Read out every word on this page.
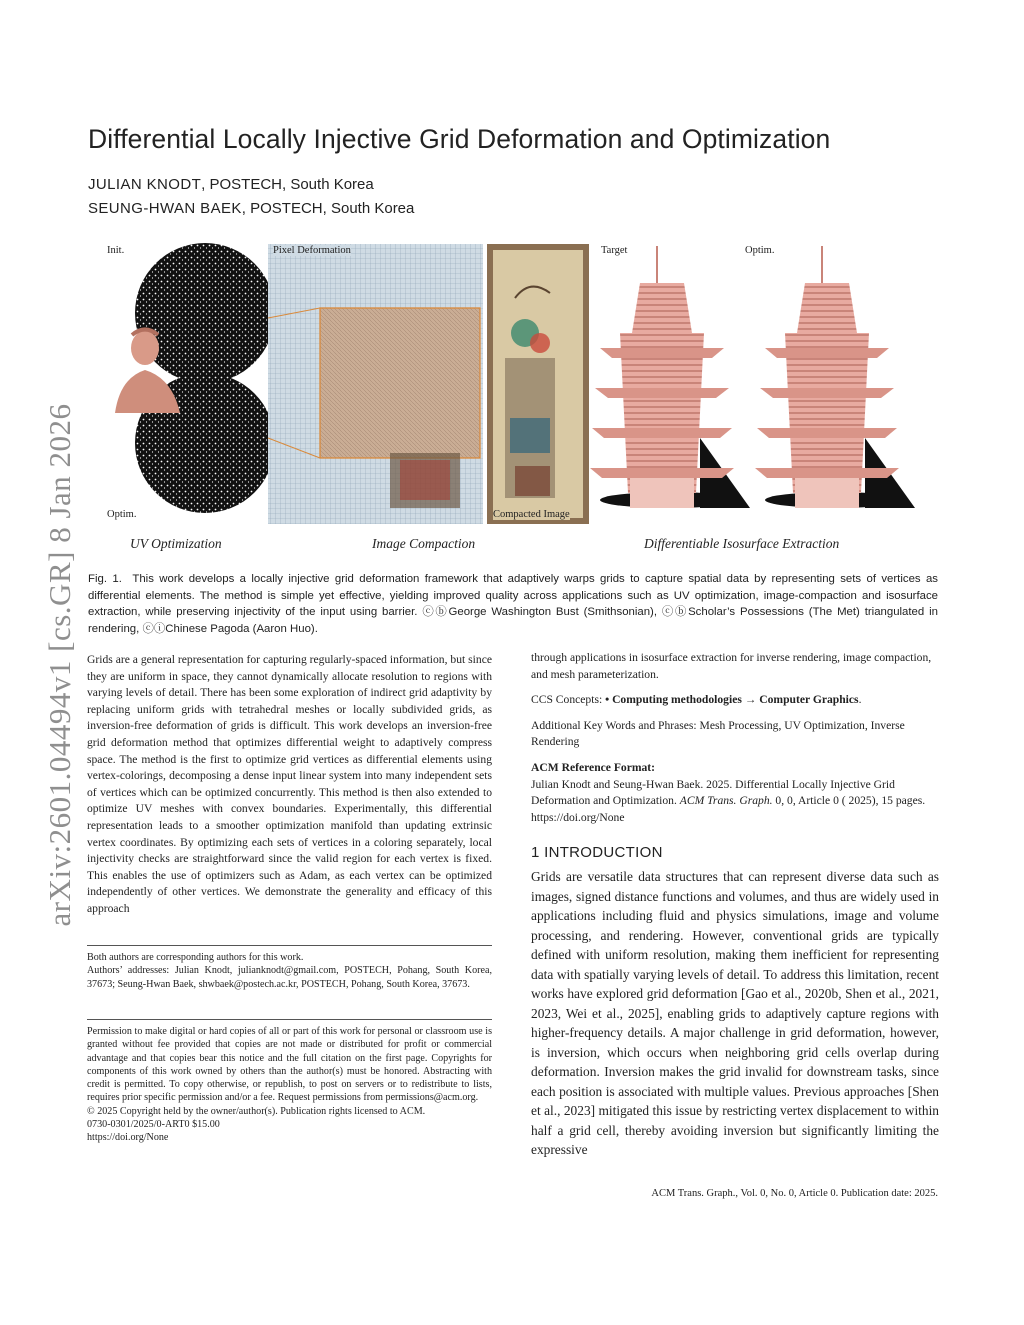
arXiv:2601.04494v1 [cs.GR] 8 Jan 2026
Differential Locally Injective Grid Deformation and Optimization
JULIAN KNODT, POSTECH, South Korea
SEUNG-HWAN BAEK, POSTECH, South Korea
Init.
Optim.
Pixel Deformation
Compacted Image
Target	Optim.
UV Optimization	Image Compaction	Differentiable Isosurface Extraction
Fig. 1. This work develops a locally injective grid deformation framework that adaptively warps grids to capture spatial data by representing sets of vertices as differential elements. The method is simple yet effective, yielding improved quality across applications such as UV optimization, image-compaction and isosurface extraction, while preserving injectivity of the input using barrier. ⓒⓑGeorge Washington Bust (Smithsonian), ⓒⓑScholar’s Possessions (The Met) triangulated in rendering, ⓒⓘChinese Pagoda (Aaron Huo).

Grids are a general representation for capturing regularly-spaced information, but since they are uniform in space, they cannot dynamically allocate resolution to regions with varying levels of detail. There has been some exploration of indirect grid adaptivity by replacing uniform grids with tetrahedral meshes or locally subdivided grids, as inversion-free deformation of grids is difficult. This work develops an inversion-free grid deformation method that optimizes differential weight to adaptively compress space. The method is the first to optimize grid vertices as differential elements using vertex-colorings, decomposing a dense input linear system into many independent sets of vertices which can be optimized concurrently. This method is then also extended to optimize UV meshes with convex boundaries. Experimentally, this differential representation leads to a smoother optimization manifold than updating extrinsic vertex coordinates. By optimizing each sets of vertices in a coloring separately, local injectivity checks are straightforward since the valid region for each vertex is fixed. This enables the use of optimizers such as Adam, as each vertex can be optimized independently of other vertices. We demonstrate the generality and efficacy of this approach

Both authors are corresponding authors for this work.

Authors’ addresses: Julian Knodt, julianknodt@gmail.com, POSTECH, Pohang, South Korea, 37673; Seung-Hwan Baek, shwbaek@postech.ac.kr, POSTECH, Pohang, South Korea, 37673.

Permission to make digital or hard copies of all or part of this work for personal or classroom use is granted without fee provided that copies are not made or distributed for profit or commercial advantage and that copies bear this notice and the full citation on the first page. Copyrights for components of this work owned by others than the author(s) must be honored. Abstracting with credit is permitted. To copy otherwise, or republish, to post on servers or to redistribute to lists, requires prior specific permission and/or a fee. Request permissions from permissions@acm.org.

© 2025 Copyright held by the owner/author(s). Publication rights licensed to ACM.

0730-0301/2025/0-ART0 $15.00

https://doi.org/None

through applications in isosurface extraction for inverse rendering, image compaction, and mesh parameterization.

CCS Concepts: • Computing methodologies → Computer Graphics.

Additional Key Words and Phrases: Mesh Processing, UV Optimization, Inverse Rendering

ACM Reference Format:

Julian Knodt and Seung-Hwan Baek. 2025. Differential Locally Injective Grid Deformation and Optimization. ACM Trans. Graph. 0, 0, Article 0 ( 2025), 15 pages. https://doi.org/None

1 INTRODUCTION
Grids are versatile data structures that can represent diverse data such as images, signed distance functions and volumes, and thus are widely used in applications including fluid and physics simulations, image and volume processing, and rendering. However, conventional grids are typically defined with uniform resolution, making them inefficient for representing data with spatially varying levels of detail. To address this limitation, recent works have explored grid deformation [Gao et al., 2020b, Shen et al., 2021, 2023, Wei et al., 2025], enabling grids to adaptively capture regions with higher-frequency details. A major challenge in grid deformation, however, is inversion, which occurs when neighboring grid cells overlap during deformation. Inversion makes the grid invalid for downstream tasks, since each position is associated with multiple values. Previous approaches [Shen et al., 2023] mitigated this issue by restricting vertex displacement to within half a grid cell, thereby avoiding inversion but significantly limiting the expressive
ACM Trans. Graph., Vol. 0, No. 0, Article 0. Publication date: 2025.
